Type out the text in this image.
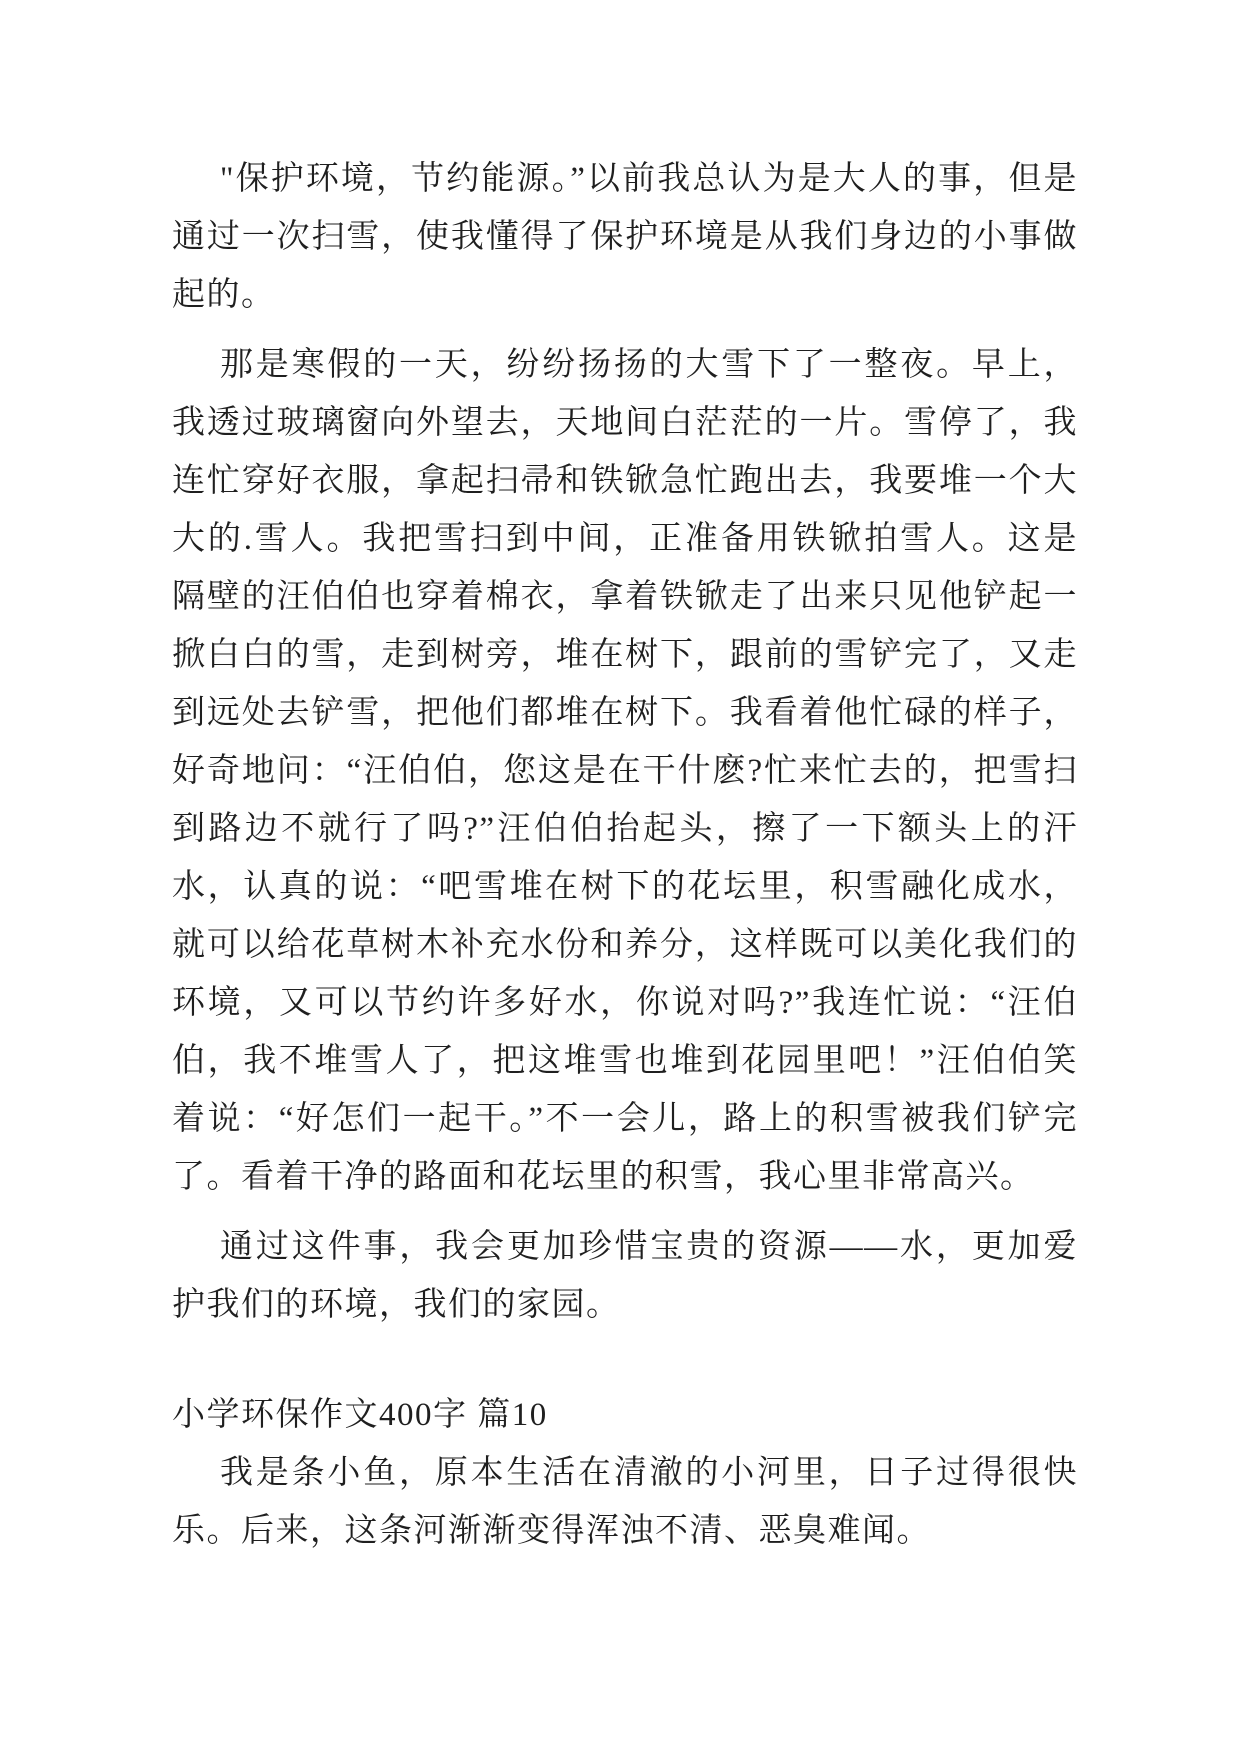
"保护环境，节约能源。”以前我总认为是大人的事，但是通过一次扫雪，使我懂得了保护环境是从我们身边的小事做起的。

那是寒假的一天，纷纷扬扬的大雪下了一整夜。早上，我透过玻璃窗向外望去，天地间白茫茫的一片。雪停了，我连忙穿好衣服，拿起扫帚和铁锨急忙跑出去，我要堆一个大大的.雪人。我把雪扫到中间，正准备用铁锨拍雪人。这是隔壁的汪伯伯也穿着棉衣，拿着铁锨走了出来只见他铲起一掀白白的雪，走到树旁，堆在树下，跟前的雪铲完了，又走到远处去铲雪，把他们都堆在树下。我看着他忙碌的样子，好奇地问：“汪伯伯，您这是在干什麽?忙来忙去的，把雪扫到路边不就行了吗?”汪伯伯抬起头，擦了一下额头上的汗水，认真的说：“吧雪堆在树下的花坛里，积雪融化成水，就可以给花草树木补充水份和养分，这样既可以美化我们的环境，又可以节约许多好水，你说对吗?”我连忙说：“汪伯伯，我不堆雪人了，把这堆雪也堆到花园里吧！”汪伯伯笑着说：“好怎们一起干。”不一会儿，路上的积雪被我们铲完了。看着干净的路面和花坛里的积雪，我心里非常高兴。

通过这件事，我会更加珍惜宝贵的资源——水，更加爱护我们的环境，我们的家园。

小学环保作文400字 篇10

我是条小鱼，原本生活在清澈的小河里，日子过得很快乐。后来，这条河渐渐变得浑浊不清、恶臭难闻。
